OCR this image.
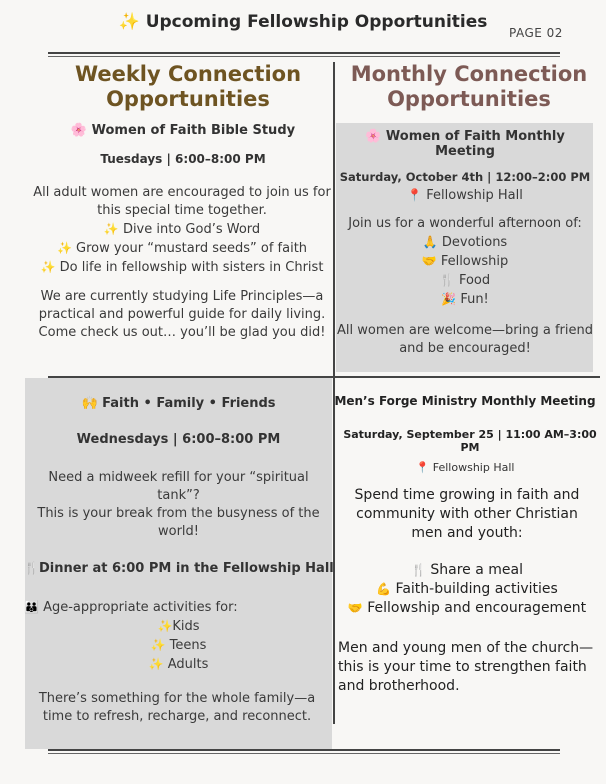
✨ Upcoming Fellowship Opportunities
PAGE 02
Weekly Connection
Opportunities
🌸 Women of Faith Bible Study
Tuesdays | 6:00–8:00 PM
All adult women are encouraged to join us for
this special time together.
✨ Dive into God’s Word
✨ Grow your “mustard seeds” of faith
✨ Do life in fellowship with sisters in Christ
We are currently studying Life Principles—a
practical and powerful guide for daily living.
Come check us out… you’ll be glad you did!
Monthly Connection
Opportunities
🌸 Women of Faith Monthly Meeting
Saturday, October 4th | 12:00–2:00 PM
📍 Fellowship Hall
Join us for a wonderful afternoon of:
🙏 Devotions
🤝 Fellowship
🍴 Food
🎉 Fun!
All women are welcome—bring a friend
and be encouraged!
🙌 Faith • Family • Friends
Wednesdays | 6:00–8:00 PM
Need a midweek refill for your “spiritual
tank”?
This is your break from the busyness of the
world!
🍴Dinner at 6:00 PM in the Fellowship Hall
👪 Age-appropriate activities for:
✨Kids
✨ Teens
✨ Adults
There’s something for the whole family—a
time to refresh, recharge, and reconnect.
Men’s Forge Ministry Monthly Meeting
Saturday, September 25 | 11:00 AM–3:00 PM
📍 Fellowship Hall
Spend time growing in faith and
community with other Christian
men and youth:
🍴 Share a meal
💪 Faith-building activities
🤝 Fellowship and encouragement
Men and young men of the church—
this is your time to strengthen faith
and brotherhood.
